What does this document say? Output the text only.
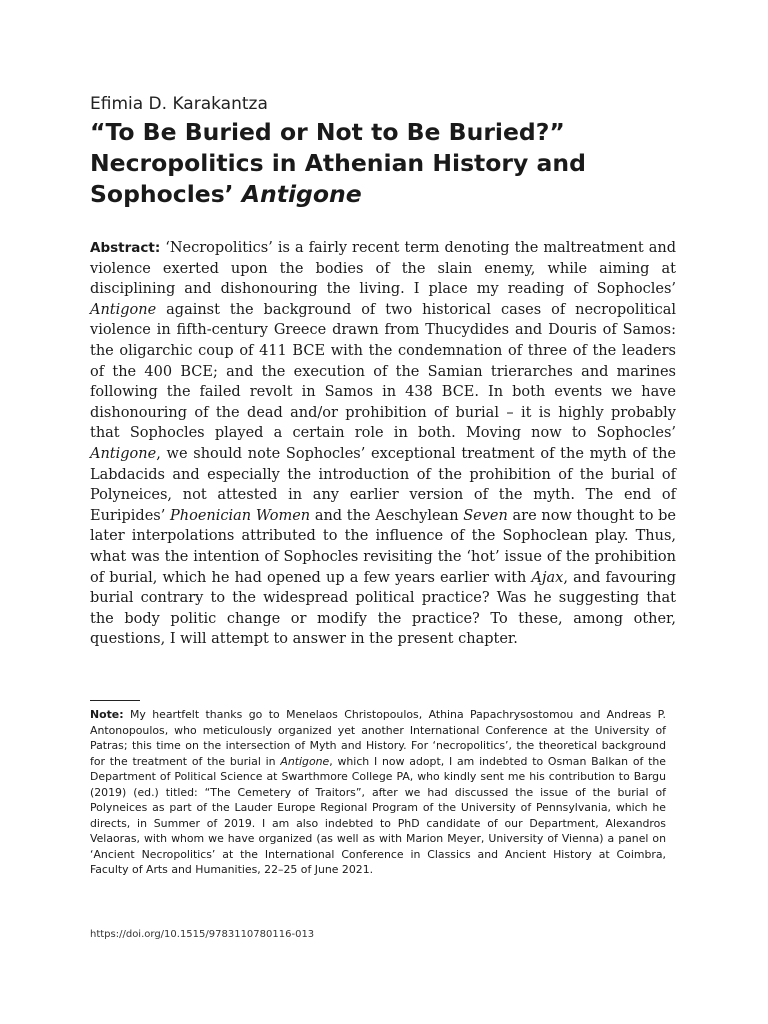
Efimia D. Karakantza
“To Be Buried or Not to Be Buried?”
Necropolitics in Athenian History and
Sophocles’ Antigone

Abstract: ‘Necropolitics’ is a fairly recent term denoting the maltreatment and violence exerted upon the bodies of the slain enemy, while aiming at disciplining and dishonouring the living. I place my reading of Sophocles’ Antigone against the background of two historical cases of necropolitical violence in fifth-century Greece drawn from Thucydides and Douris of Samos: the oligarchic coup of 411 BCE with the condemnation of three of the leaders of the 400 BCE; and the execution of the Samian trierarches and marines following the failed revolt in Samos in 438 BCE. In both events we have dishonouring of the dead and/or prohibition of burial – it is highly probably that Sophocles played a certain role in both. Moving now to Sophocles’ Antigone, we should note Sophocles’ exceptional treatment of the myth of the Labdacids and especially the introduction of the prohibition of the burial of Polyneices, not attested in any earlier version of the myth. The end of Euripides’ Phoenician Women and the Aeschylean Seven are now thought to be later interpolations attributed to the influence of the Sophoclean play. Thus, what was the intention of Sophocles revisiting the ‘hot’ issue of the prohibition of burial, which he had opened up a few years earlier with Ajax, and favouring burial contrary to the widespread political practice? Was he suggesting that the body politic change or modify the practice? To these, among other, questions, I will attempt to answer in the present chapter.

Note: My heartfelt thanks go to Menelaos Christopoulos, Athina Papachrysostomou and Andreas P. Antonopoulos, who meticulously organized yet another International Conference at the University of Patras; this time on the intersection of Myth and History. For ‘necropolitics’, the theoretical background for the treatment of the burial in Antigone, which I now adopt, I am indebted to Osman Balkan of the Department of Political Science at Swarthmore College PA, who kindly sent me his contribution to Bargu (2019) (ed.) titled: “The Cemetery of Traitors”, after we had discussed the issue of the burial of Polyneices as part of the Lauder Europe Regional Program of the University of Pennsylvania, which he directs, in Summer of 2019. I am also indebted to PhD candidate of our Department, Alexandros Velaoras, with whom we have organized (as well as with Marion Meyer, University of Vienna) a panel on ‘Ancient Necropolitics’ at the International Conference in Classics and Ancient History at Coimbra, Faculty of Arts and Humanities, 22–25 of June 2021.

https://doi.org/10.1515/9783110780116-013
